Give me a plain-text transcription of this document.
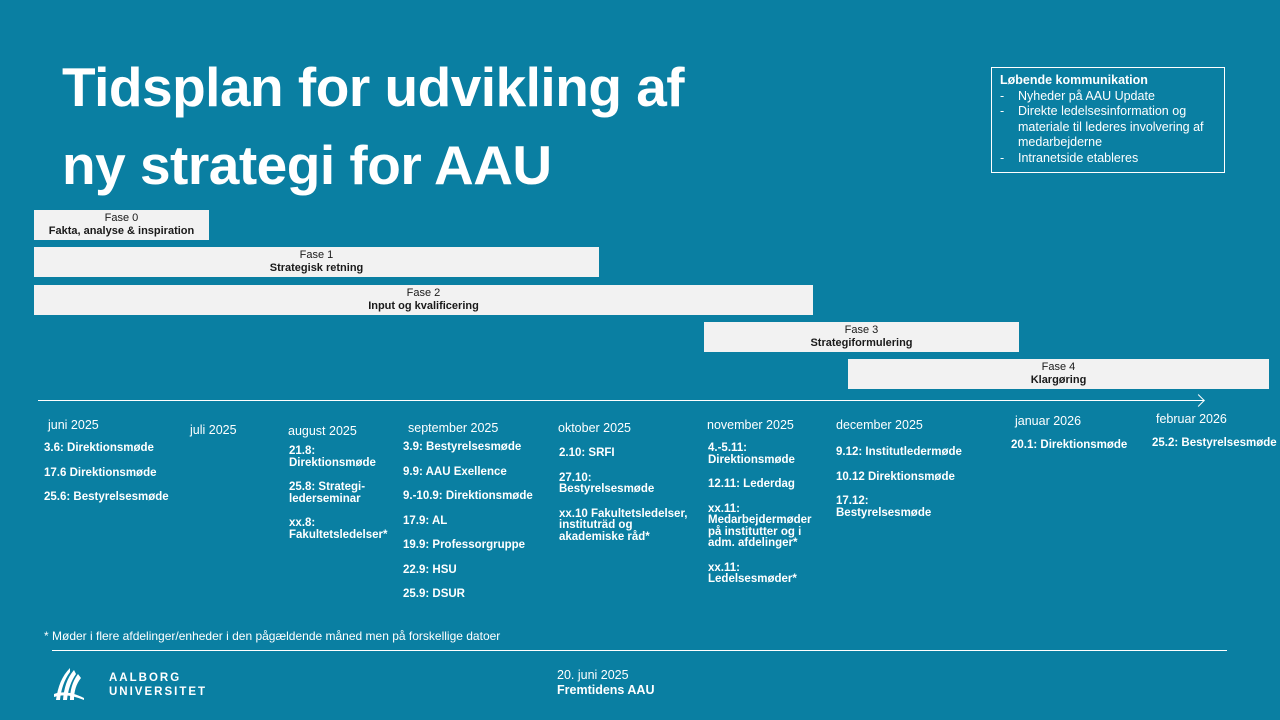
Tidsplan for udvikling af
ny strategi for AAU
Løbende kommunikation
- Nyheder på AAU Update
- Direkte ledelsesinformation og materiale til lederes involvering af medarbejderne
- Intranetside etableres
Fase 0
Fakta, analyse & inspiration
Fase 1
Strategisk retning
Fase 2
Input og kvalificering
Fase 3
Strategiformulering
Fase 4
Klargøring
juni 2025
3.6: Direktionsmøde
17.6 Direktionsmøde
25.6: Bestyrelsesmøde
juli 2025	august 2025
21.8:
Direktionsmøde
25.8: Strategi-
lederseminar
xx.8:
Fakultetsledelser*
september 2025
3.9: Bestyrelsesmøde
9.9: AAU Exellence
9.-10.9: Direktionsmøde
17.9: AL
19.9: Professorgruppe
22.9: HSU
25.9: DSUR
oktober 2025
2.10: SRFI
27.10:
Bestyrelsesmøde
xx.10 Fakultetsledelser,
instituträd og
akademiske råd*
november 2025
4.-5.11:
Direktionsmøde
12.11: Lederdag
xx.11:
Medarbejdermøder
på institutter og i
adm. afdelinger*
xx.11:
Ledelsesmøder*
december 2025
9.12: Institutledermøde
10.12 Direktionsmøde
17.12:
Bestyrelsesmøde
januar 2026
20.1: Direktionsmøde
februar 2026
25.2: Bestyrelsesmøde
* Møder i flere afdelinger/enheder i den pågældende måned men på forskellige datoer
AALBORG
UNIVERSITET
20. juni 2025
Fremtidens AAU
